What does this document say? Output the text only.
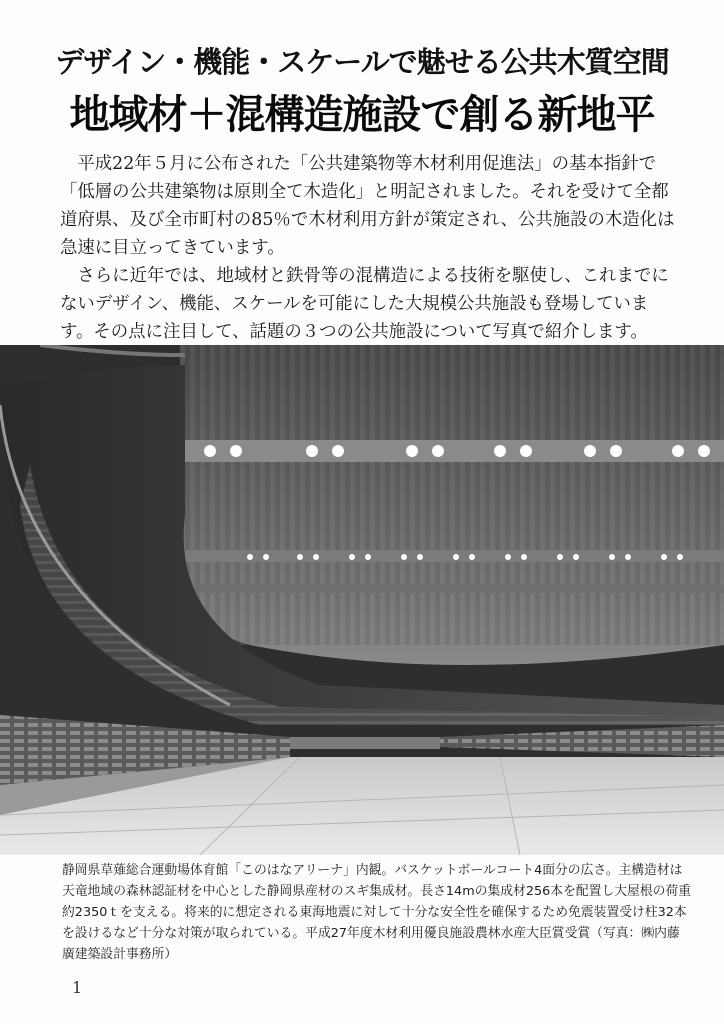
デザイン・機能・スケールで魅せる公共木質空間
地域材＋混構造施設で創る新地平

平成22年５月に公布された「公共建築物等木材利用促進法」の基本指針で「低層の公共建築物は原則全て木造化」と明記されました。それを受けて全都道府県、及び全市町村の85％で木材利用方針が策定され、公共施設の木造化は急速に目立ってきています。

さらに近年では、地域材と鉄骨等の混構造による技術を駆使し、これまでにないデザイン、機能、スケールを可能にした大規模公共施設も登場しています。その点に注目して、話題の３つの公共施設について写真で紹介します。

静岡県草薙総合運動場体育館「このはなアリーナ」内観。バスケットボールコート4面分の広さ。主構造材は天竜地域の森林認証材を中心とした静岡県産材のスギ集成材。長さ14mの集成材256本を配置し大屋根の荷重約2350ｔを支える。将来的に想定される東海地震に対して十分な安全性を確保するため免震装置受け柱32本を設けるなど十分な対策が取られている。平成27年度木材利用優良施設農林水産大臣賞受賞（写真：㈱内藤廣建築設計事務所）
1
